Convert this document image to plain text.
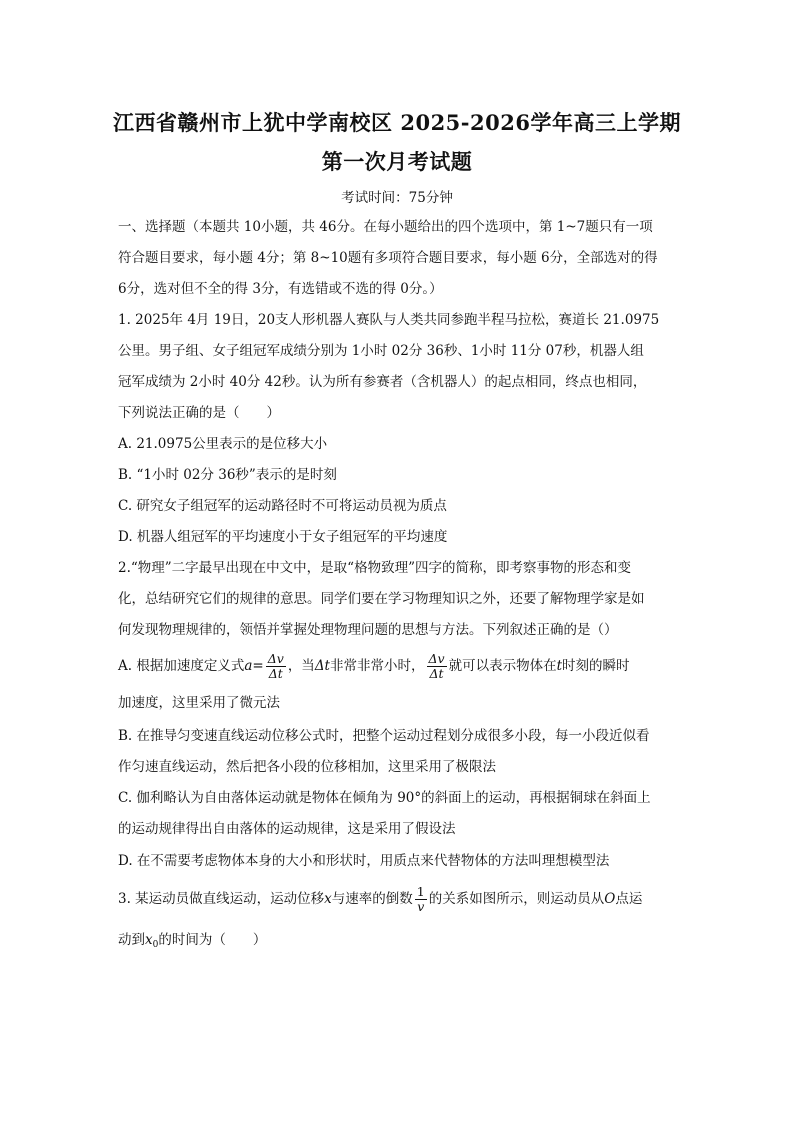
江西省赣州市上犹中学南校区 2025-2026学年高三上学期
第一次月考试题
考试时间：75分钟
一、选择题（本题共 10小题，共 46分。在每小题给出的四个选项中，第 1~7题只有一项
符合题目要求，每小题 4分；第 8~10题有多项符合题目要求，每小题 6分，全部选对的得
6分，选对但不全的得 3分，有选错或不选的得 0分。）
1. 2025年 4月 19日，20支人形机器人赛队与人类共同参跑半程马拉松，赛道长 21.0975
公里。男子组、女子组冠军成绩分别为 1小时 02分 36秒、1小时 11分 07秒，机器人组
冠军成绩为 2小时 40分 42秒。认为所有参赛者（含机器人）的起点相同，终点也相同，
下列说法正确的是（　　）
A. 21.0975公里表示的是位移大小
B. “1小时 02分 36秒”表示的是时刻
C. 研究女子组冠军的运动路径时不可将运动员视为质点
D. 机器人组冠军的平均速度小于女子组冠军的平均速度
2.“物理”二字最早出现在中文中，是取“格物致理”四字的简称，即考察事物的形态和变
化，总结研究它们的规律的意思。同学们要在学习物理知识之外，还要了解物理学家是如
何发现物理规律的，领悟并掌握处理物理问题的思想与方法。下列叙述正确的是（）
A. 根据加速度定义式$a= \frac{\Delta v}{\Delta t}$ ，当Δt非常非常小时， $\frac{\Delta v}{\Delta t}$ 就可以表示物体在t时刻的瞬时
加速度，这里采用了微元法
B. 在推导匀变速直线运动位移公式时，把整个运动过程划分成很多小段，每一小段近似看
作匀速直线运动，然后把各小段的位移相加，这里采用了极限法
C. 伽利略认为自由落体运动就是物体在倾角为 90°的斜面上的运动，再根据铜球在斜面上
的运动规律得出自由落体的运动规律，这是采用了假设法
D. 在不需要考虑物体本身的大小和形状时，用质点来代替物体的方法叫理想模型法
3. 某运动员做直线运动，运动位移x与速率的倒数 $\frac{1}{v}$ 的关系如图所示，则运动员从O点运
动到$x_0$的时间为（　　）
